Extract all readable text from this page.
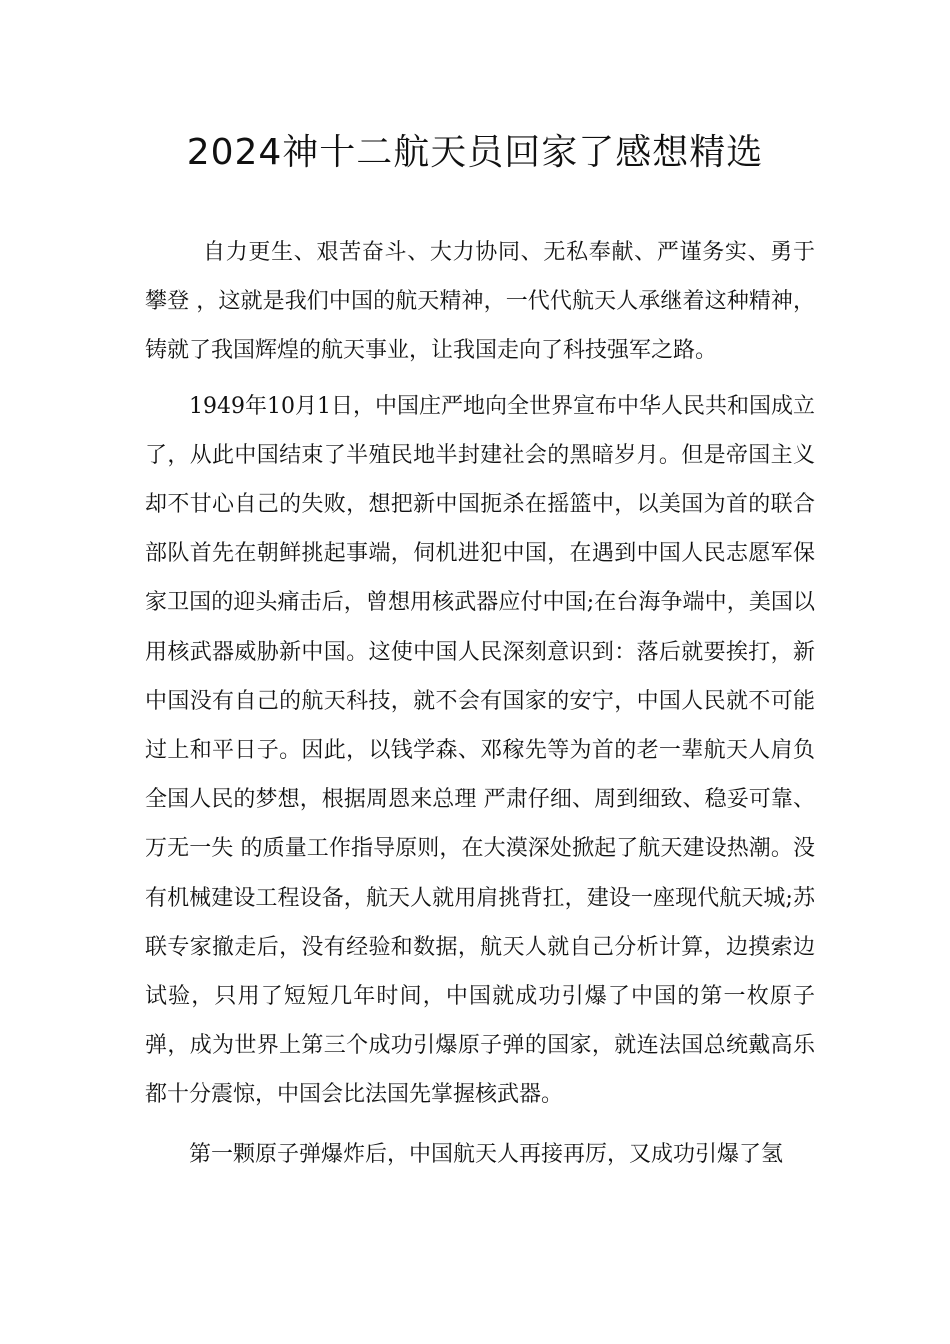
2024神十二航天员回家了感想精选

自力更生、艰苦奋斗、大力协同、无私奉献、严谨务实、勇于攀登 ，这就是我们中国的航天精神，一代代航天人承继着这种精神，铸就了我国辉煌的航天事业，让我国走向了科技强军之路。

1949年10月1日，中国庄严地向全世界宣布中华人民共和国成立了，从此中国结束了半殖民地半封建社会的黑暗岁月。但是帝国主义却不甘心自己的失败，想把新中国扼杀在摇篮中，以美国为首的联合部队首先在朝鲜挑起事端，伺机进犯中国，在遇到中国人民志愿军保家卫国的迎头痛击后，曾想用核武器应付中国;在台海争端中，美国以用核武器威胁新中国。这使中国人民深刻意识到：落后就要挨打，新中国没有自己的航天科技，就不会有国家的安宁，中国人民就不可能过上和平日子。因此，以钱学森、邓稼先等为首的老一辈航天人肩负全国人民的梦想，根据周恩来总理 严肃仔细、周到细致、稳妥可靠、万无一失 的质量工作指导原则，在大漠深处掀起了航天建设热潮。没有机械建设工程设备，航天人就用肩挑背扛，建设一座现代航天城;苏联专家撤走后，没有经验和数据，航天人就自己分析计算，边摸索边试验，只用了短短几年时间，中国就成功引爆了中国的第一枚原子弹，成为世界上第三个成功引爆原子弹的国家，就连法国总统戴高乐都十分震惊，中国会比法国先掌握核武器。

第一颗原子弹爆炸后，中国航天人再接再厉，又成功引爆了氢
